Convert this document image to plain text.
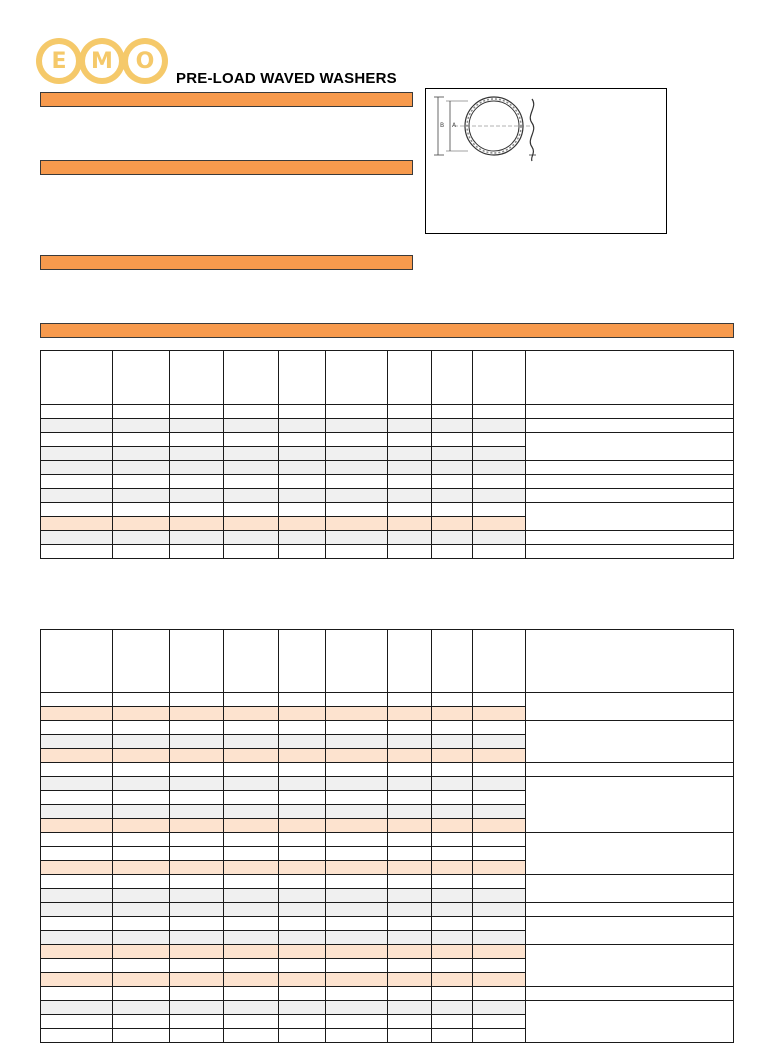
E	M	O
PRE-LOAD WAVED WASHERS
B A
